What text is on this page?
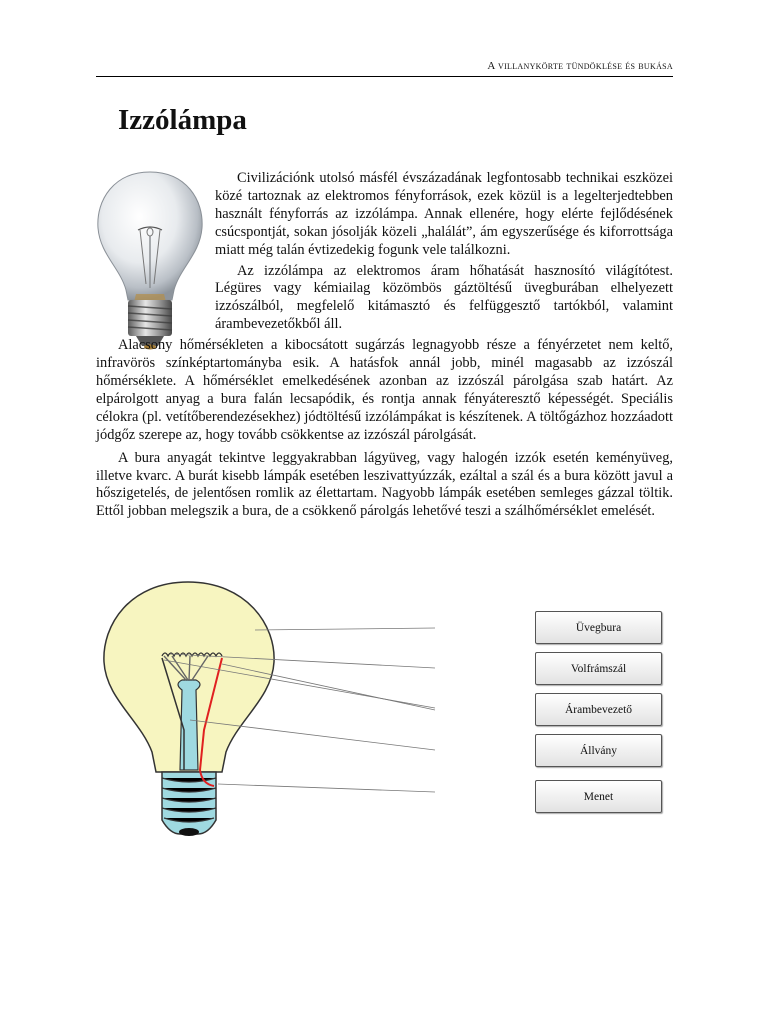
A villanykörte tündöklése és bukása
Izzólámpa

Civilizációnk utolsó másfél évszázadának legfontosabb technikai eszközei közé tartoznak az elektromos fényforrások, ezek közül is a legelterjedtebben használt fényforrás az izzólámpa. Annak ellenére, hogy elérte fejlődésének csúcspontját, sokan jósolják közeli „halálát”, ám egyszerűsége és kiforrottsága miatt még talán évtizedekig fogunk vele találkozni.

Az izzólámpa az elektromos áram hőhatását hasznosító világítótest. Légüres vagy kémiailag közömbös gáztöltésű üvegburában elhelyezett izzószálból, megfelelő kitámasztó és felfüggesztő tartókból, valamint árambevezetőkből áll.

Alacsony hőmérsékleten a kibocsátott sugárzás legnagyobb része a fényérzetet nem keltő, infravörös színképtartományba esik. A hatásfok annál jobb, minél magasabb az izzószál hőmérséklete. A hőmérséklet emelkedésének azonban az izzószál párolgása szab határt. Az elpárolgott anyag a bura falán lecsapódik, és rontja annak fényáteresztő képességét. Speciális célokra (pl. vetítőberendezésekhez) jódtöltésű izzólámpákat is készítenek. A töltőgázhoz hozzáadott jódgőz szerepe az, hogy tovább csökkentse az izzószál párolgását.

A bura anyagát tekintve leggyakrabban lágyüveg, vagy halogén izzók esetén keményüveg, illetve kvarc. A burát kisebb lámpák esetében leszivattyúzzák, ezáltal a szál és a bura között javul a hőszigetelés, de jelentősen romlik az élettartam. Nagyobb lámpák esetében semleges gázzal töltik. Ettől jobban melegszik a bura, de a csökkenő párolgás lehetővé teszi a szálhőmérséklet emelését.

Üvegbura
Volfrámszál
Árambevezető
Állvány
Menet
